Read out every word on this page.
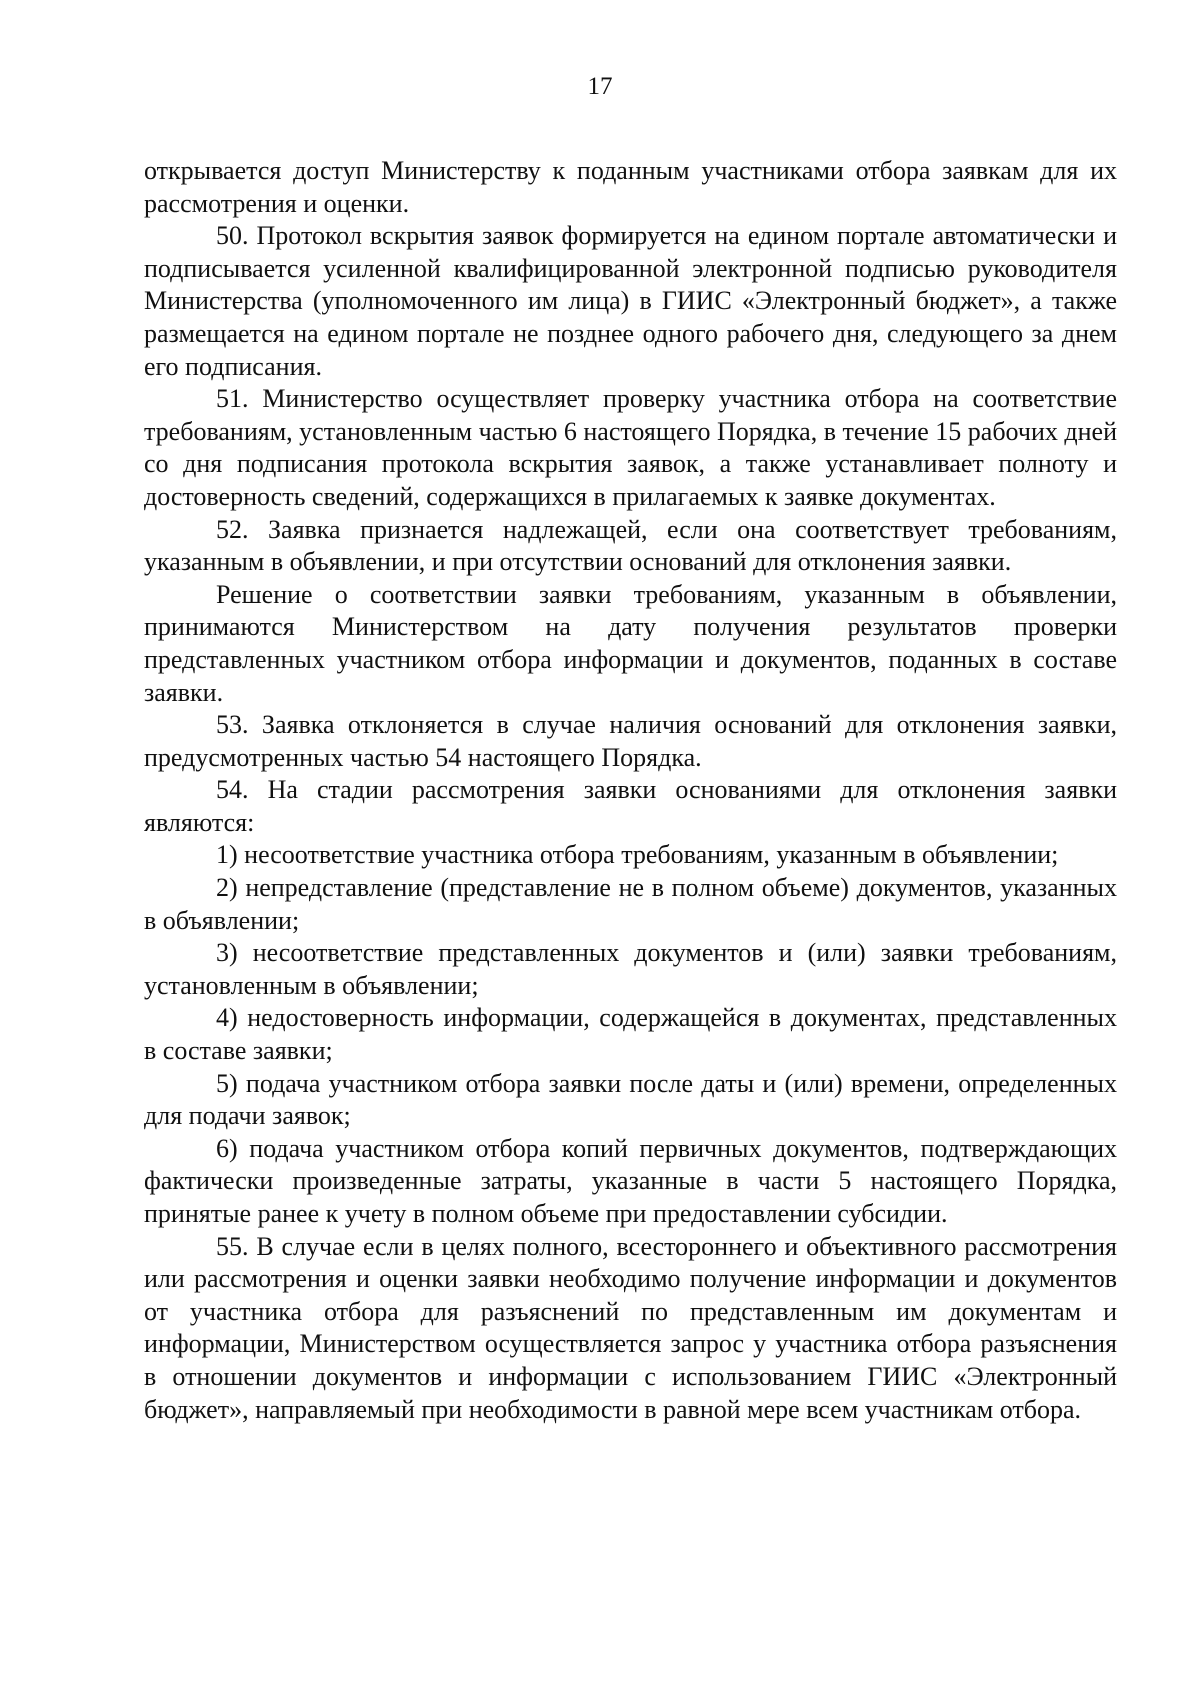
17

открывается доступ Министерству к поданным участниками отбора заявкам для их рассмотрения и оценки.

50. Протокол вскрытия заявок формируется на едином портале автоматически и подписывается усиленной квалифицированной электронной подписью руководителя Министерства (уполномоченного им лица) в ГИИС «Электронный бюджет», а также размещается на едином портале не позднее одного рабочего дня, следующего за днем его подписания.

51. Министерство осуществляет проверку участника отбора на соответствие требованиям, установленным частью 6 настоящего Порядка, в течение 15 рабочих дней со дня подписания протокола вскрытия заявок, а также устанавливает полноту и достоверность сведений, содержащихся в прилагаемых к заявке документах.

52. Заявка признается надлежащей, если она соответствует требованиям, указанным в объявлении, и при отсутствии оснований для отклонения заявки.

Решение о соответствии заявки требованиям, указанным в объявлении, принимаются Министерством на дату получения результатов проверки представленных участником отбора информации и документов, поданных в составе заявки.

53. Заявка отклоняется в случае наличия оснований для отклонения заявки, предусмотренных частью 54 настоящего Порядка.

54. На стадии рассмотрения заявки основаниями для отклонения заявки являются:

1) несоответствие участника отбора требованиям, указанным в объявлении;

2) непредставление (представление не в полном объеме) документов, указанных в объявлении;

3) несоответствие представленных документов и (или) заявки требованиям, установленным в объявлении;

4) недостоверность информации, содержащейся в документах, представленных в составе заявки;

5) подача участником отбора заявки после даты и (или) времени, определенных для подачи заявок;

6) подача участником отбора копий первичных документов, подтверждающих фактически произведенные затраты, указанные в части 5 настоящего Порядка, принятые ранее к учету в полном объеме при предоставлении субсидии.

55. В случае если в целях полного, всестороннего и объективного рассмотрения или рассмотрения и оценки заявки необходимо получение информации и документов от участника отбора для разъяснений по представленным им документам и информации, Министерством осуществляется запрос у участника отбора разъяснения в отношении документов и информации с использованием ГИИС «Электронный бюджет», направляемый при необходимости в равной мере всем участникам отбора.
